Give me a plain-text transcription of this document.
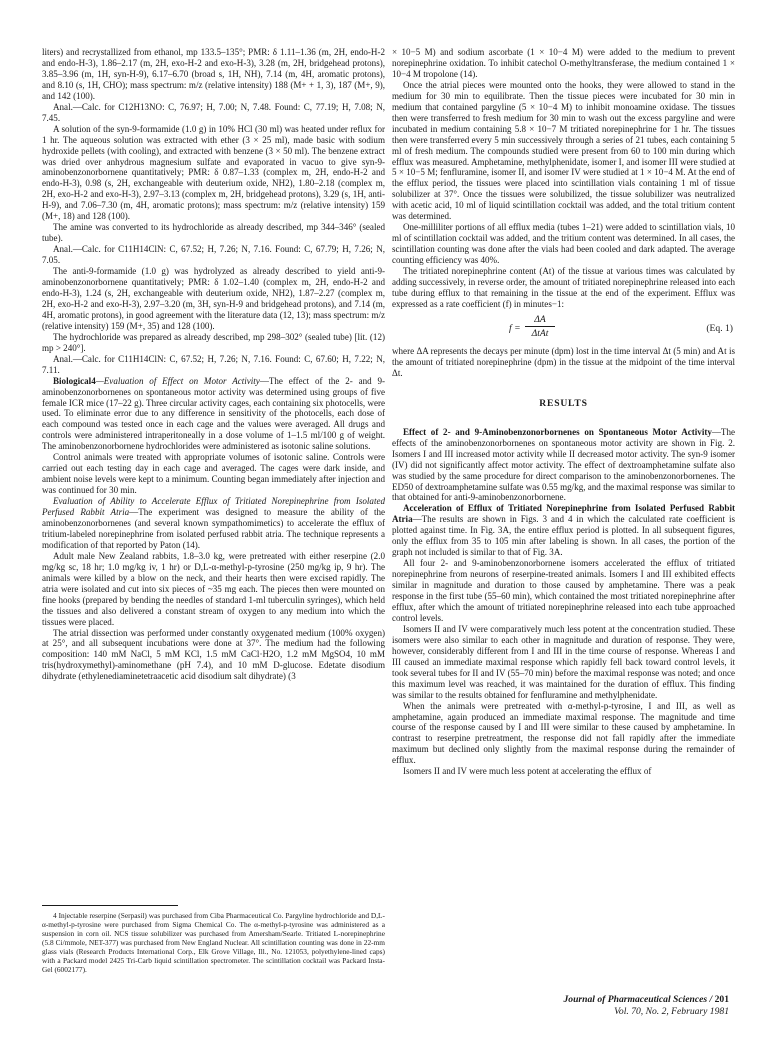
liters) and recrystallized from ethanol, mp 133.5–135°; PMR: δ 1.11–1.36 (m, 2H, endo-H-2 and endo-H-3), 1.86–2.17 (m, 2H, exo-H-2 and exo-H-3), 3.28 (m, 2H, bridgehead protons), 3.85–3.96 (m, 1H, syn-H-9), 6.17–6.70 (broad s, 1H, NH), 7.14 (m, 4H, aromatic protons), and 8.10 (s, 1H, CHO); mass spectrum: m/z (relative intensity) 188 (M+ + 1, 3), 187 (M+, 9), and 142 (100).

Anal.—Calc. for C12H13NO: C, 76.97; H, 7.00; N, 7.48. Found: C, 77.19; H, 7.08; N, 7.45.

A solution of the syn-9-formamide (1.0 g) in 10% HCl (30 ml) was heated under reflux for 1 hr. The aqueous solution was extracted with ether (3 × 25 ml), made basic with sodium hydroxide pellets (with cooling), and extracted with benzene (3 × 50 ml). The benzene extract was dried over anhydrous magnesium sulfate and evaporated in vacuo to give syn-9-aminobenzonorbornene quantitatively; PMR: δ 0.87–1.33 (complex m, 2H, endo-H-2 and endo-H-3), 0.98 (s, 2H, exchangeable with deuterium oxide, NH2), 1.80–2.18 (complex m, 2H, exo-H-2 and exo-H-3), 2.97–3.13 (complex m, 2H, bridgehead protons), 3.29 (s, 1H, anti-H-9), and 7.06–7.30 (m, 4H, aromatic protons); mass spectrum: m/z (relative intensity) 159 (M+, 18) and 128 (100).

The amine was converted to its hydrochloride as already described, mp 344–346° (sealed tube).

Anal.—Calc. for C11H14ClN: C, 67.52; H, 7.26; N, 7.16. Found: C, 67.79; H, 7.26; N, 7.05.

The anti-9-formamide (1.0 g) was hydrolyzed as already described to yield anti-9-aminobenzonorbornene quantitatively; PMR: δ 1.02–1.40 (complex m, 2H, endo-H-2 and endo-H-3), 1.24 (s, 2H, exchangeable with deuterium oxide, NH2), 1.87–2.27 (complex m, 2H, exo-H-2 and exo-H-3), 2.97–3.20 (m, 3H, syn-H-9 and bridgehead protons), and 7.14 (m, 4H, aromatic protons), in good agreement with the literature data (12, 13); mass spectrum: m/z (relative intensity) 159 (M+, 35) and 128 (100).

The hydrochloride was prepared as already described, mp 298–302° (sealed tube) [lit. (12) mp > 240°].

Anal.—Calc. for C11H14ClN: C, 67.52; H, 7.26; N, 7.16. Found: C, 67.60; H, 7.22; N, 7.11.

Biological4—Evaluation of Effect on Motor Activity—The effect of the 2- and 9-aminobenzonorbornenes on spontaneous motor activity was determined using groups of five female ICR mice (17–22 g). Three circular activity cages, each containing six photocells, were used. To eliminate error due to any difference in sensitivity of the photocells, each dose of each compound was tested once in each cage and the values were averaged. All drugs and controls were administered intraperitoneally in a dose volume of 1–1.5 ml/100 g of weight. The aminobenzonorbornene hydrochlorides were administered as isotonic saline solutions.

Control animals were treated with appropriate volumes of isotonic saline. Controls were carried out each testing day in each cage and averaged. The cages were dark inside, and ambient noise levels were kept to a minimum. Counting began immediately after injection and was continued for 30 min.

Evaluation of Ability to Accelerate Efflux of Tritiated Norepinephrine from Isolated Perfused Rabbit Atria—The experiment was designed to measure the ability of the aminobenzonorbornenes (and several known sympathomimetics) to accelerate the efflux of tritium-labeled norepinephrine from isolated perfused rabbit atria. The technique represents a modification of that reported by Paton (14).

Adult male New Zealand rabbits, 1.8–3.0 kg, were pretreated with either reserpine (2.0 mg/kg sc, 18 hr; 1.0 mg/kg iv, 1 hr) or D,L-α-methyl-p-tyrosine (250 mg/kg ip, 9 hr). The animals were killed by a blow on the neck, and their hearts then were excised rapidly. The atria were isolated and cut into six pieces of ~35 mg each. The pieces then were mounted on fine hooks (prepared by bending the needles of standard 1-ml tuberculin syringes), which held the tissues and also delivered a constant stream of oxygen to any medium into which the tissues were placed.

The atrial dissection was performed under constantly oxygenated medium (100% oxygen) at 25°, and all subsequent incubations were done at 37°. The medium had the following composition: 140 mM NaCl, 5 mM KCl, 1.5 mM CaCl·H2O, 1.2 mM MgSO4, 10 mM tris(hydroxymethyl)-aminomethane (pH 7.4), and 10 mM D-glucose. Edetate disodium dihydrate (ethylenediaminetetraacetic acid disodium salt dihydrate) (3

4 Injectable reserpine (Serpasil) was purchased from Ciba Pharmaceutical Co. Pargyline hydrochloride and D,L-α-methyl-p-tyrosine were purchased from Sigma Chemical Co. The α-methyl-p-tyrosine was administered as a suspension in corn oil. NCS tissue solubilizer was purchased from Amersham/Searle. Tritiated L-norepinephrine (5.8 Ci/mmole, NET-377) was purchased from New England Nuclear. All scintillation counting was done in 22-mm glass vials (Research Products International Corp., Elk Grove Village, Ill., No. 121053, polyethylene-lined caps) with a Packard model 2425 Tri-Carb liquid scintillation spectrometer. The scintillation cocktail was Packard Insta-Gel (6002177).

× 10−5 M) and sodium ascorbate (1 × 10−4 M) were added to the medium to prevent norepinephrine oxidation. To inhibit catechol O-methyltransferase, the medium contained 1 × 10−4 M tropolone (14).

Once the atrial pieces were mounted onto the hooks, they were allowed to stand in the medium for 30 min to equilibrate. Then the tissue pieces were incubated for 30 min in medium that contained pargyline (5 × 10−4 M) to inhibit monoamine oxidase. The tissues then were transferred to fresh medium for 30 min to wash out the excess pargyline and were incubated in medium containing 5.8 × 10−7 M tritiated norepinephrine for 1 hr. The tissues then were transferred every 5 min successively through a series of 21 tubes, each containing 5 ml of fresh medium. The compounds studied were present from 60 to 100 min during which efflux was measured. Amphetamine, methylphenidate, isomer I, and isomer III were studied at 5 × 10−5 M; fenfluramine, isomer II, and isomer IV were studied at 1 × 10−4 M. At the end of the efflux period, the tissues were placed into scintillation vials containing 1 ml of tissue solubilizer at 37°. Once the tissues were solubilized, the tissue solubilizer was neutralized with acetic acid, 10 ml of liquid scintillation cocktail was added, and the total tritium content was determined.

One-milliliter portions of all efflux media (tubes 1–21) were added to scintillation vials, 10 ml of scintillation cocktail was added, and the tritium content was determined. In all cases, the scintillation counting was done after the vials had been cooled and dark adapted. The average counting efficiency was 40%.

The tritiated norepinephrine content (At) of the tissue at various times was calculated by adding successively, in reverse order, the amount of tritiated norepinephrine released into each tube during efflux to that remaining in the tissue at the end of the experiment. Efflux was expressed as a rate coefficient (f) in minutes−1:

f =
ΔA
ΔtAt	(Eq. 1)

where ΔA represents the decays per minute (dpm) lost in the time interval Δt (5 min) and At is the amount of tritiated norepinephrine (dpm) in the tissue at the midpoint of the time interval Δt.

RESULTS

Effect of 2- and 9-Aminobenzonorbornenes on Spontaneous Motor Activity—The effects of the aminobenzonorbornenes on spontaneous motor activity are shown in Fig. 2. Isomers I and III increased motor activity while II decreased motor activity. The syn-9 isomer (IV) did not significantly affect motor activity. The effect of dextroamphetamine sulfate also was studied by the same procedure for direct comparison to the aminobenzonorbornenes. The ED50 of dextroamphetamine sulfate was 0.55 mg/kg, and the maximal response was similar to that obtained for anti-9-aminobenzonorbornene.

Acceleration of Efflux of Tritiated Norepinephrine from Isolated Perfused Rabbit Atria—The results are shown in Figs. 3 and 4 in which the calculated rate coefficient is plotted against time. In Fig. 3A, the entire efflux period is plotted. In all subsequent figures, only the efflux from 35 to 105 min after labeling is shown. In all cases, the portion of the graph not included is similar to that of Fig. 3A.

All four 2- and 9-aminobenzonorbornene isomers accelerated the efflux of tritiated norepinephrine from neurons of reserpine-treated animals. Isomers I and III exhibited effects similar in magnitude and duration to those caused by amphetamine. There was a peak response in the first tube (55–60 min), which contained the most tritiated norepinephrine after efflux, after which the amount of tritiated norepinephrine released into each tube approached control levels.

Isomers II and IV were comparatively much less potent at the concentration studied. These isomers were also similar to each other in magnitude and duration of response. They were, however, considerably different from I and III in the time course of response. Whereas I and III caused an immediate maximal response which rapidly fell back toward control levels, it took several tubes for II and IV (55–70 min) before the maximal response was noted; and once this maximum level was reached, it was maintained for the duration of efflux. This finding was similar to the results obtained for fenfluramine and methylphenidate.

When the animals were pretreated with α-methyl-p-tyrosine, I and III, as well as amphetamine, again produced an immediate maximal response. The magnitude and time course of the response caused by I and III were similar to these caused by amphetamine. In contrast to reserpine pretreatment, the response did not fall rapidly after the immediate maximum but declined only slightly from the maximal response during the remainder of efflux.

Isomers II and IV were much less potent at accelerating the efflux of

Journal of Pharmaceutical Sciences / 201
Vol. 70, No. 2, February 1981
